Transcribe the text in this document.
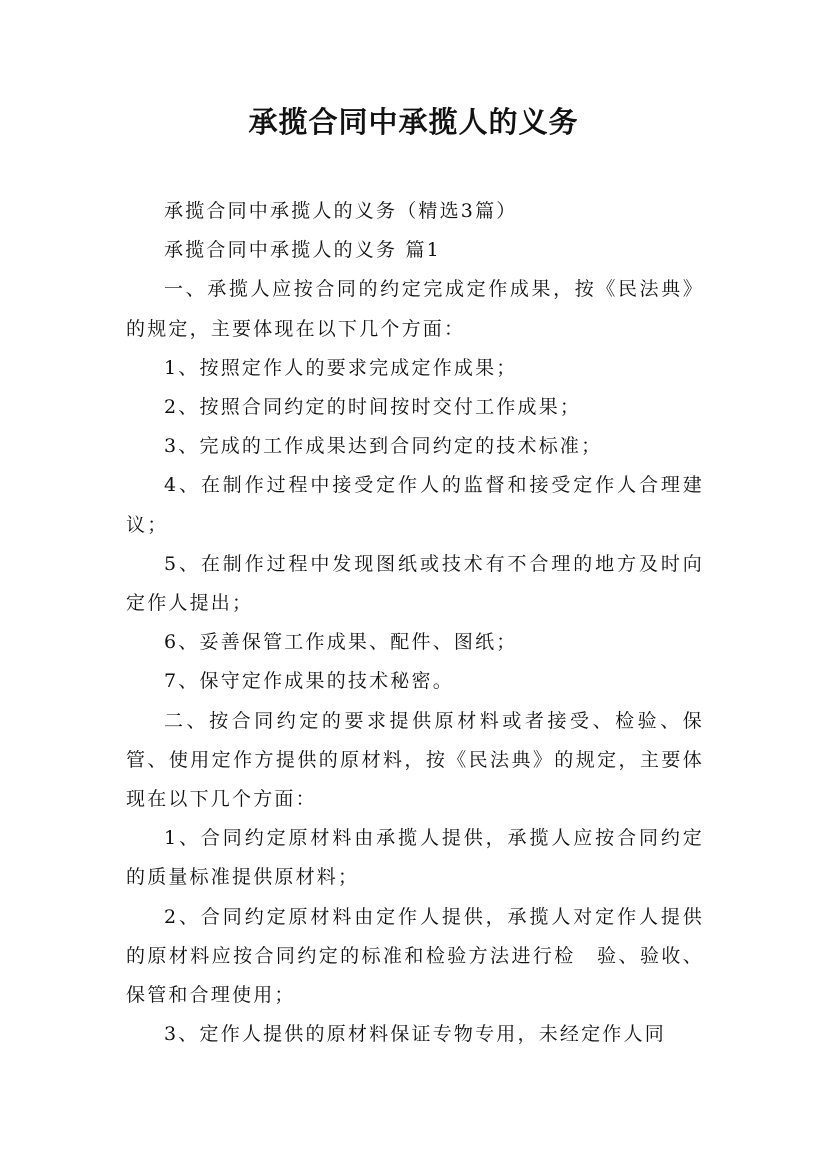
承揽合同中承揽人的义务

承揽合同中承揽人的义务（精选3篇）

承揽合同中承揽人的义务 篇1

一、承揽人应按合同的约定完成定作成果，按《民法典》的规定，主要体现在以下几个方面：

1、按照定作人的要求完成定作成果；

2、按照合同约定的时间按时交付工作成果；

3、完成的工作成果达到合同约定的技术标准；

4、在制作过程中接受定作人的监督和接受定作人合理建议；

5、在制作过程中发现图纸或技术有不合理的地方及时向定作人提出；

6、妥善保管工作成果、配件、图纸；

7、保守定作成果的技术秘密。

二、按合同约定的要求提供原材料或者接受、检验、保管、使用定作方提供的原材料，按《民法典》的规定，主要体现在以下几个方面：

1、合同约定原材料由承揽人提供，承揽人应按合同约定的质量标准提供原材料；

2、合同约定原材料由定作人提供，承揽人对定作人提供的原材料应按合同约定的标准和检验方法进行检　验、验收、保管和合理使用；

3、定作人提供的原材料保证专物专用，未经定作人同
